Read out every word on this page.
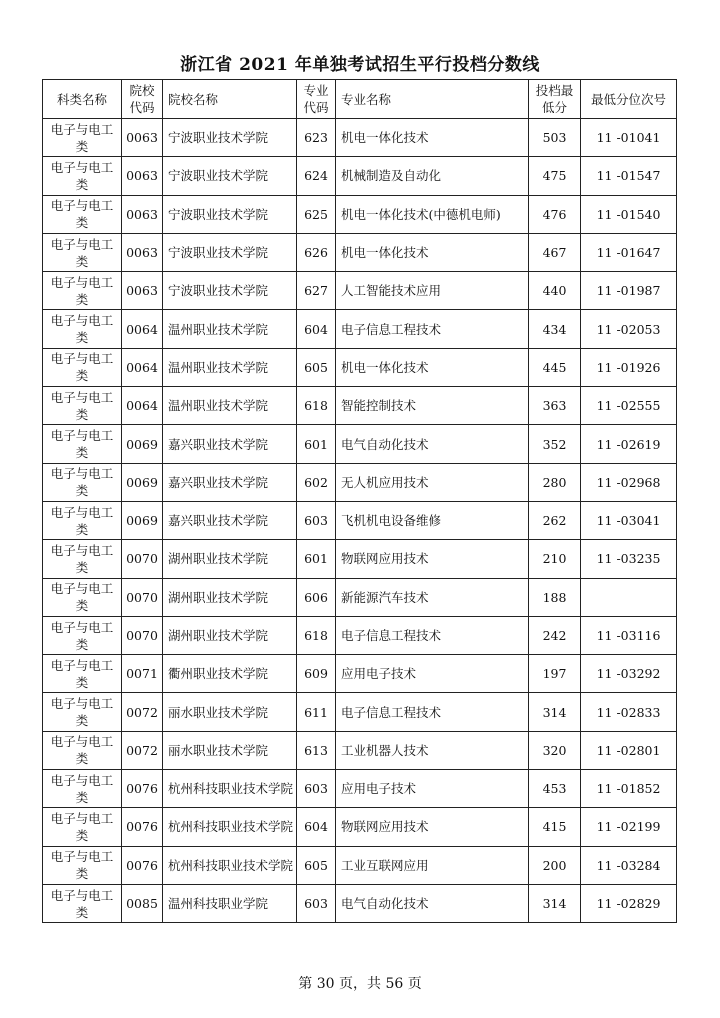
浙江省 2021 年单独考试招生平行投档分数线
科类名称	院校代码	院校名称	专业代码	专业名称	投档最低分	最低分位次号
电子与电工类	0063	宁波职业技术学院	623	机电一体化技术	503	11 -01041
电子与电工类	0063	宁波职业技术学院	624	机械制造及自动化	475	11 -01547
电子与电工类	0063	宁波职业技术学院	625	机电一体化技术(中德机电师)	476	11 -01540
电子与电工类	0063	宁波职业技术学院	626	机电一体化技术	467	11 -01647
电子与电工类	0063	宁波职业技术学院	627	人工智能技术应用	440	11 -01987
电子与电工类	0064	温州职业技术学院	604	电子信息工程技术	434	11 -02053
电子与电工类	0064	温州职业技术学院	605	机电一体化技术	445	11 -01926
电子与电工类	0064	温州职业技术学院	618	智能控制技术	363	11 -02555
电子与电工类	0069	嘉兴职业技术学院	601	电气自动化技术	352	11 -02619
电子与电工类	0069	嘉兴职业技术学院	602	无人机应用技术	280	11 -02968
电子与电工类	0069	嘉兴职业技术学院	603	飞机机电设备维修	262	11 -03041
电子与电工类	0070	湖州职业技术学院	601	物联网应用技术	210	11 -03235
电子与电工类	0070	湖州职业技术学院	606	新能源汽车技术	188	
电子与电工类	0070	湖州职业技术学院	618	电子信息工程技术	242	11 -03116
电子与电工类	0071	衢州职业技术学院	609	应用电子技术	197	11 -03292
电子与电工类	0072	丽水职业技术学院	611	电子信息工程技术	314	11 -02833
电子与电工类	0072	丽水职业技术学院	613	工业机器人技术	320	11 -02801
电子与电工类	0076	杭州科技职业技术学院	603	应用电子技术	453	11 -01852
电子与电工类	0076	杭州科技职业技术学院	604	物联网应用技术	415	11 -02199
电子与电工类	0076	杭州科技职业技术学院	605	工业互联网应用	200	11 -03284
电子与电工类	0085	温州科技职业学院	603	电气自动化技术	314	11 -02829
第 30 页，共 56 页
